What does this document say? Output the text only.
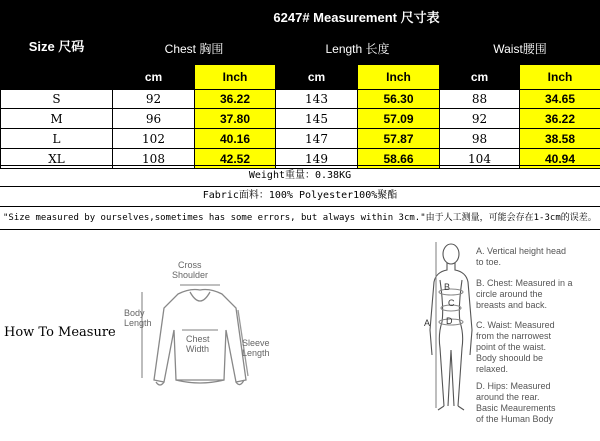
Size 尺码	6247# Measurement 尺寸表					
	Chest 胸围		Length 长度		Waist腰围	
	cm	Inch	cm	Inch	cm	Inch
S	92	36.22	143	56.30	88	34.65
M	96	37.80	145	57.09	92	36.22
L	102	40.16	147	57.87	98	38.58
XL	108	42.52	149	58.66	104	40.94
Weight重量：0.38KG
Fabric面料：100% Polyester100%聚酯
"Size measured by ourselves,sometimes has some errors, but always within 3cm."由于人工测量，可能会存在1-3cm的误差。
How To Measure
Cross
Shoulder
Body
Length
Chest
Width
Sleeve
Length
A
B
C
D
A. Vertical height head
to toe.
B. Chest: Measured in a
circle around the
breasts and back.
C. Waist: Measured
from the narrowest
point of the waist.
Body shoould be
relaxed.
D. Hips: Measured
around the rear.
Basic Meaurements
of the Human Body
